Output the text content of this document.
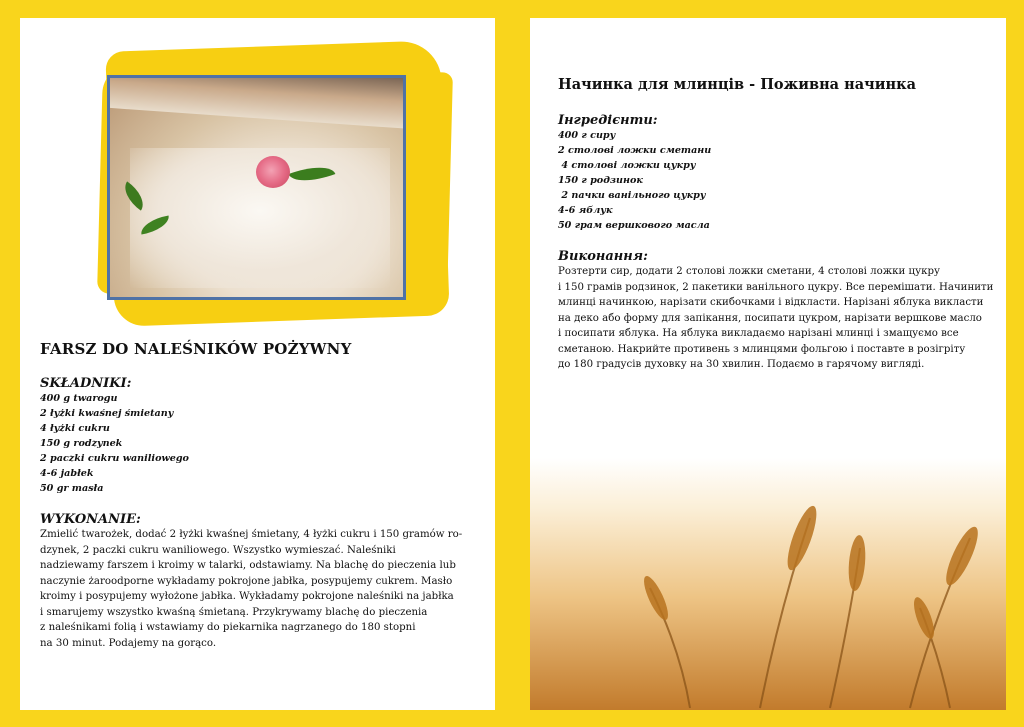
FARSZ DO NALEŚNIKÓW POŻYWNY

SKŁADNIKI:

400 g twarogu
2 łyżki kwaśnej śmietany
4 łyżki cukru
150 g rodzynek
2 paczki cukru waniliowego
4-6 jabłek
50 gr masła

WYKONANIE:

Zmielić twarożek, dodać 2 łyżki kwaśnej śmietany, 4 łyżki cukru i 150 gramów ro-
dzynek, 2 paczki cukru waniliowego. Wszystko wymieszać. Naleśniki
nadziewamy farszem i kroimy w talarki, odstawiamy. Na blachę do pieczenia lub
naczynie żaroodporne wykładamy pokrojone jabłka, posypujemy cukrem. Masło
kroimy i posypujemy wyłożone jabłka. Wykładamy pokrojone naleśniki na jabłka
i smarujemy wszystko kwaśną śmietaną. Przykrywamy blachę do pieczenia
z naleśnikami folią i wstawiamy do piekarnika nagrzanego do 180 stopni
na 30 minut. Podajemy na gorąco.

Начинка для млинців - Поживна начинка

Інгредієнти:

400 г сиру
2 столові ложки сметани
4 столові ложки цукру
150 г родзинок
2 пачки ванільного цукру
4-6 яблук
50 грам вершкового масла

Виконання:

Розтерти сир, додати 2 столові ложки сметани, 4 столові ложки цукру
і 150 грамів родзинок, 2 пакетики ванільного цукру. Все перемішати. Начинити
млинці начинкою, нарізати скибочками і відкласти. Нарізані яблука викласти
на деко або форму для запікання, посипати цукром, нарізати вершкове масло
і посипати яблука. На яблука викладаємо нарізані млинці і змащуємо все
сметаною. Накрийте противень з млинцями фольгою і поставте в розігріту
до 180 градусів духовку на 30 хвилин. Подаємо в гарячому вигляді.
